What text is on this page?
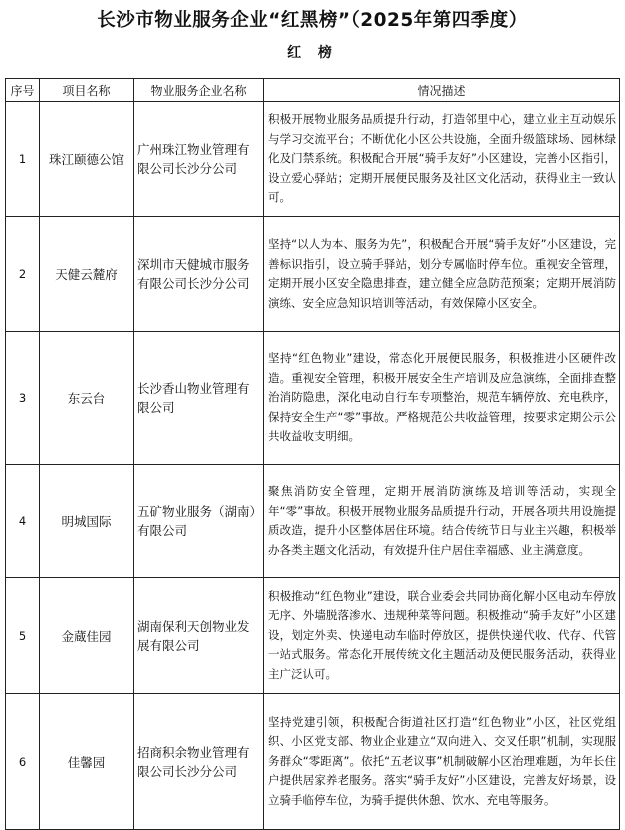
长沙市物业服务企业“红黑榜”（2025年第四季度）
红 榜
序号	项目名称	物业服务企业名称	情况描述
1	珠江颐德公馆	广州珠江物业管理有限公司长沙分公司	积极开展物业服务品质提升行动，打造邻里中心，建立业主互动娱乐与学习交流平台；不断优化小区公共设施，全面升级篮球场、园林绿化及门禁系统。积极配合开展“骑手友好”小区建设，完善小区指引，设立爱心驿站；定期开展便民服务及社区文化活动，获得业主一致认可。
2	天健云麓府	深圳市天健城市服务有限公司长沙分公司	坚持“以人为本、服务为先”，积极配合开展“骑手友好”小区建设，完善标识指引，设立骑手驿站，划分专属临时停车位。重视安全管理，定期开展小区安全隐患排查，建立健全应急防范预案；定期开展消防演练、安全应急知识培训等活动，有效保障小区安全。
3	东云台	长沙香山物业管理有限公司	坚持“红色物业”建设，常态化开展便民服务，积极推进小区硬件改造。重视安全管理，积极开展安全生产培训及应急演练，全面排查整治消防隐患，深化电动自行车专项整治，规范车辆停放、充电秩序，保持安全生产“零”事故。严格规范公共收益管理，按要求定期公示公共收益收支明细。
4	明城国际	五矿物业服务（湖南）有限公司	聚焦消防安全管理，定期开展消防演练及培训等活动，实现全年“零”事故。积极开展物业服务品质提升行动，开展各项共用设施提质改造，提升小区整体居住环境。结合传统节日与业主兴趣，积极举办各类主题文化活动，有效提升住户居住幸福感、业主满意度。
5	金蔵佳园	湖南保利天创物业发展有限公司	积极推动“红色物业”建设，联合业委会共同协商化解小区电动车停放无序、外墙脱落渗水、违规种菜等问题。积极推动“骑手友好”小区建设，划定外卖、快递电动车临时停放区，提供快递代收、代存、代管一站式服务。常态化开展传统文化主题活动及便民服务活动，获得业主广泛认可。
6	佳馨园	招商积余物业管理有限公司长沙分公司	坚持党建引领，积极配合街道社区打造“红色物业”小区，社区党组织、小区党支部、物业企业建立“双向进入、交叉任职”机制，实现服务群众“零距离”。依托“五老议事”机制破解小区治理难题，为年长住户提供居家养老服务。落实“骑手友好”小区建设，完善友好场景，设立骑手临停车位，为骑手提供休憩、饮水、充电等服务。
